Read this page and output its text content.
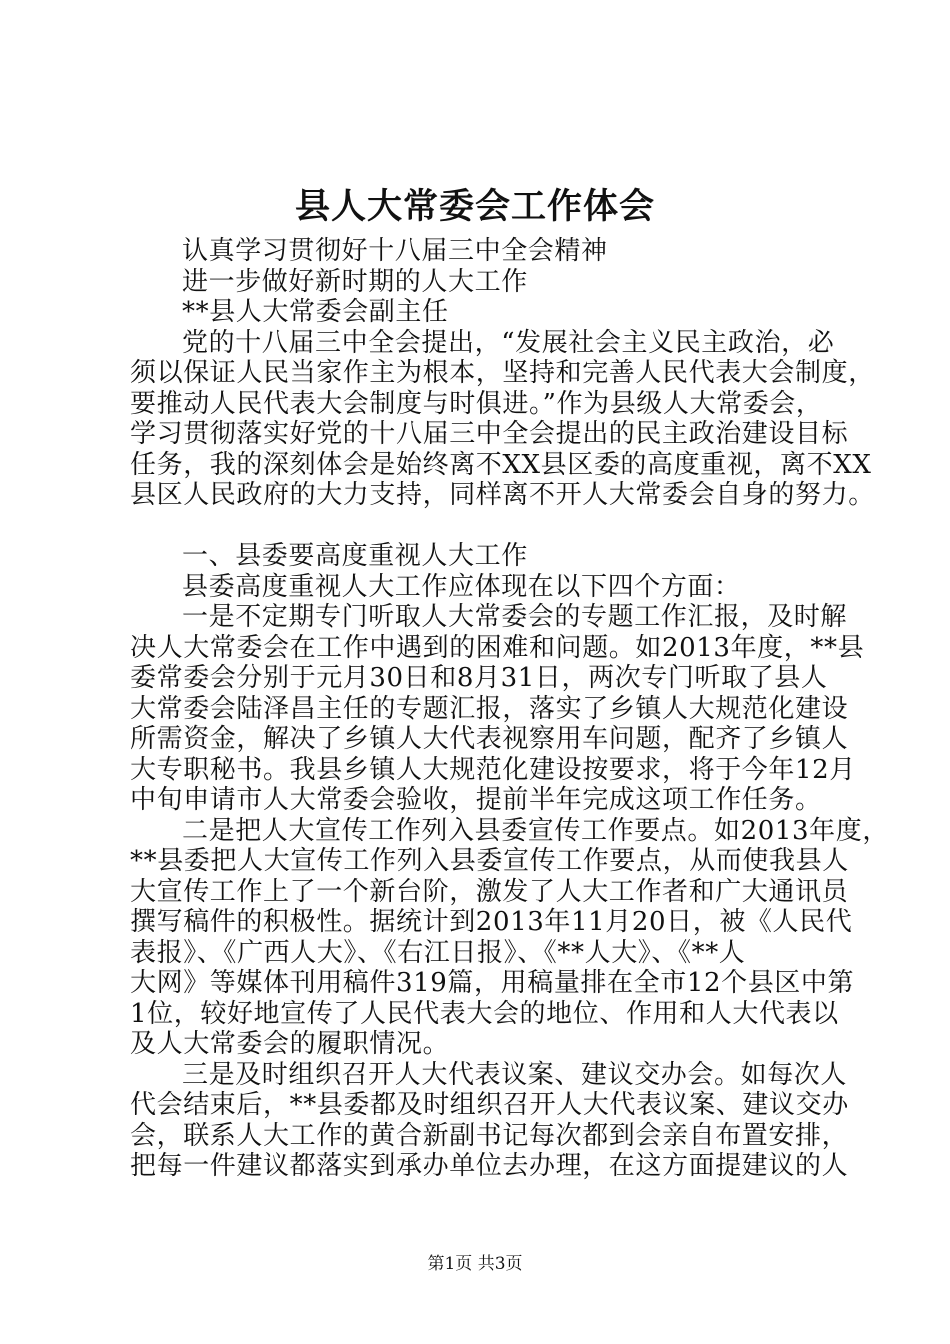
县人大常委会工作体会
认真学习贯彻好十八届三中全会精神
进一步做好新时期的人大工作
**县人大常委会副主任
党的十八届三中全会提出，“发展社会主义民主政治，必
须以保证人民当家作主为根本，坚持和完善人民代表大会制度，
要推动人民代表大会制度与时俱进。”作为县级人大常委会，
学习贯彻落实好党的十八届三中全会提出的民主政治建设目标
任务，我的深刻体会是始终离不XX县区委的高度重视，离不XX
县区人民政府的大力支持，同样离不开人大常委会自身的努力。
一、县委要高度重视人大工作
县委高度重视人大工作应体现在以下四个方面：
一是不定期专门听取人大常委会的专题工作汇报，及时解
决人大常委会在工作中遇到的困难和问题。如2013年度，**县
委常委会分别于元月30日和8月31日，两次专门听取了县人
大常委会陆泽昌主任的专题汇报，落实了乡镇人大规范化建设
所需资金，解决了乡镇人大代表视察用车问题，配齐了乡镇人
大专职秘书。我县乡镇人大规范化建设按要求，将于今年12月
中旬申请市人大常委会验收，提前半年完成这项工作任务。
二是把人大宣传工作列入县委宣传工作要点。如2013年度，
**县委把人大宣传工作列入县委宣传工作要点，从而使我县人
大宣传工作上了一个新台阶，激发了人大工作者和广大通讯员
撰写稿件的积极性。据统计到2013年11月20日，被《人民代
表报》、《广西人大》、《右江日报》、《**人大》、《**人
大网》等媒体刊用稿件319篇，用稿量排在全市12个县区中第
1位，较好地宣传了人民代表大会的地位、作用和人大代表以
及人大常委会的履职情况。
三是及时组织召开人大代表议案、建议交办会。如每次人
代会结束后，**县委都及时组织召开人大代表议案、建议交办
会，联系人大工作的黄合新副书记每次都到会亲自布置安排，
把每一件建议都落实到承办单位去办理，在这方面提建议的人
第1页 共3页
